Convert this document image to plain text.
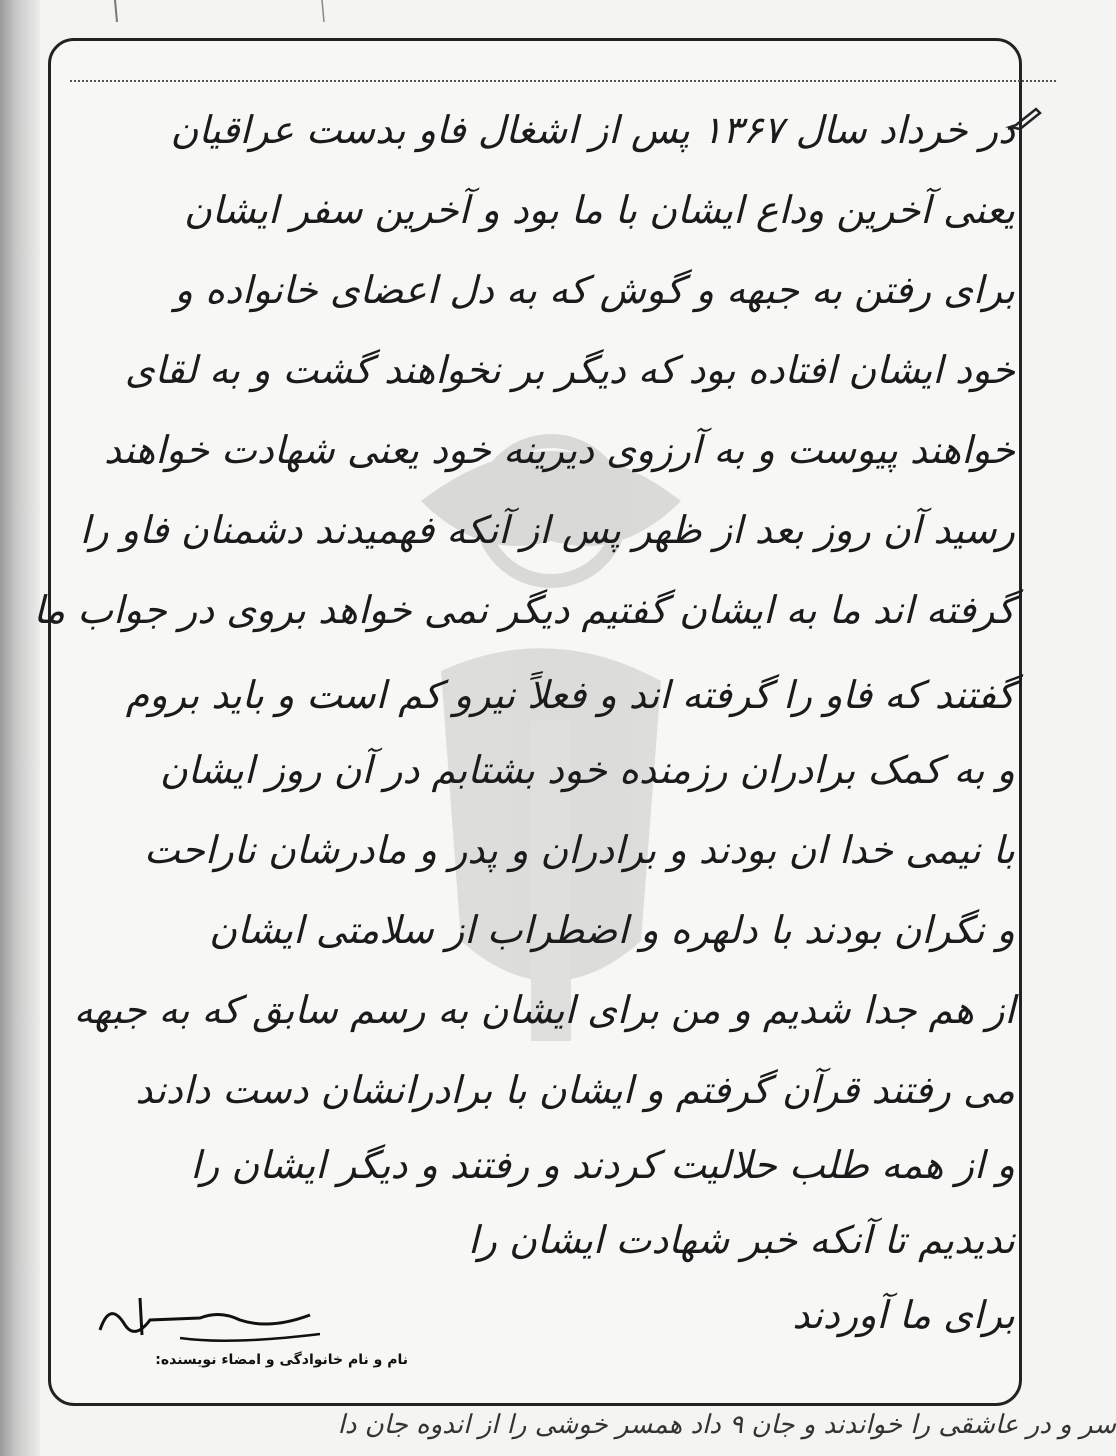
در خرداد سال ۱۳۶۷ پس از اشغال فاو بدست عراقیان
یعنی آخرین وداع ایشان با ما بود و آخرین سفر ایشان
برای رفتن به جبهه و گوش که به دل اعضای خانواده و
خود ایشان افتاده بود که دیگر بر نخواهند گشت و به لقای
خواهند پیوست و به آرزوی دیرینه خود یعنی شهادت خواهند
رسید آن روز بعد از ظهر پس از آنکه فهمیدند دشمنان فاو را
گرفته اند ما به ایشان گفتیم دیگر نمی خواهد بروی در جواب ما
گفتند که فاو را گرفته اند و فعلاً نیرو کم است و باید بروم
و به کمک برادران رزمنده خود بشتابم در آن روز ایشان
با نیمی خدا ان بودند و برادران و پدر و مادرشان ناراحت
و نگران بودند با دلهره و اضطراب از سلامتی ایشان
از هم جدا شدیم و من برای ایشان به رسم سابق که به جبهه
می رفتند قرآن گرفتم و ایشان با برادرانشان دست دادند
و از همه طلب حلالیت کردند و رفتند و دیگر ایشان را
ندیدیم تا آنکه خبر شهادت ایشان را
برای ما آوردند
نام و نام خانوادگی و امضاء نویسنده:
سر و در عاشقی را خواندند و جان ۹ داد همسر خوشی را از اندوه جان دا
